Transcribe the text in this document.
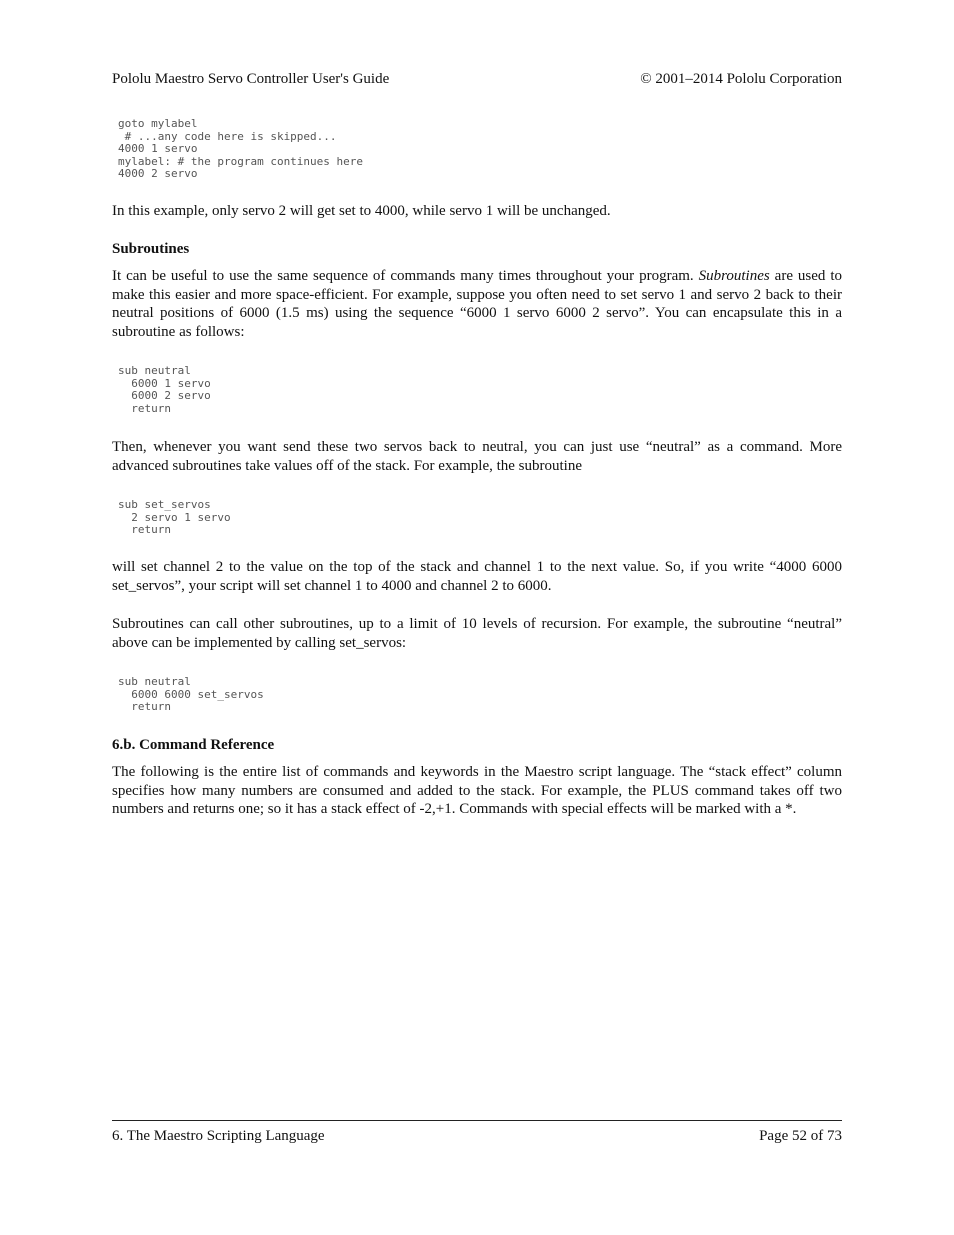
Pololu Maestro Servo Controller User's Guide	© 2001–2014 Pololu Corporation
goto mylabel
# ...any code here is skipped...
4000 1 servo
mylabel: # the program continues here
4000 2 servo

In this example, only servo 2 will get set to 4000, while servo 1 will be unchanged.

Subroutines

It can be useful to use the same sequence of commands many times throughout your program. Subroutines are used to make this easier and more space-efficient. For example, suppose you often need to set servo 1 and servo 2 back to their neutral positions of 6000 (1.5 ms) using the sequence “6000 1 servo 6000 2 servo”. You can encapsulate this in a subroutine as follows:

sub neutral
6000 1 servo
6000 2 servo
return

Then, whenever you want send these two servos back to neutral, you can just use “neutral” as a command. More advanced subroutines take values off of the stack. For example, the subroutine

sub set_servos
2 servo 1 servo
return

will set channel 2 to the value on the top of the stack and channel 1 to the next value. So, if you write “4000 6000 set_servos”, your script will set channel 1 to 4000 and channel 2 to 6000.

Subroutines can call other subroutines, up to a limit of 10 levels of recursion. For example, the subroutine “neutral” above can be implemented by calling set_servos:

sub neutral
6000 6000 set_servos
return
6.b. Command Reference

The following is the entire list of commands and keywords in the Maestro script language. The “stack effect” column specifies how many numbers are consumed and added to the stack. For example, the PLUS command takes off two numbers and returns one; so it has a stack effect of -2,+1. Commands with special effects will be marked with a *.

6. The Maestro Scripting Language	Page 52 of 73
